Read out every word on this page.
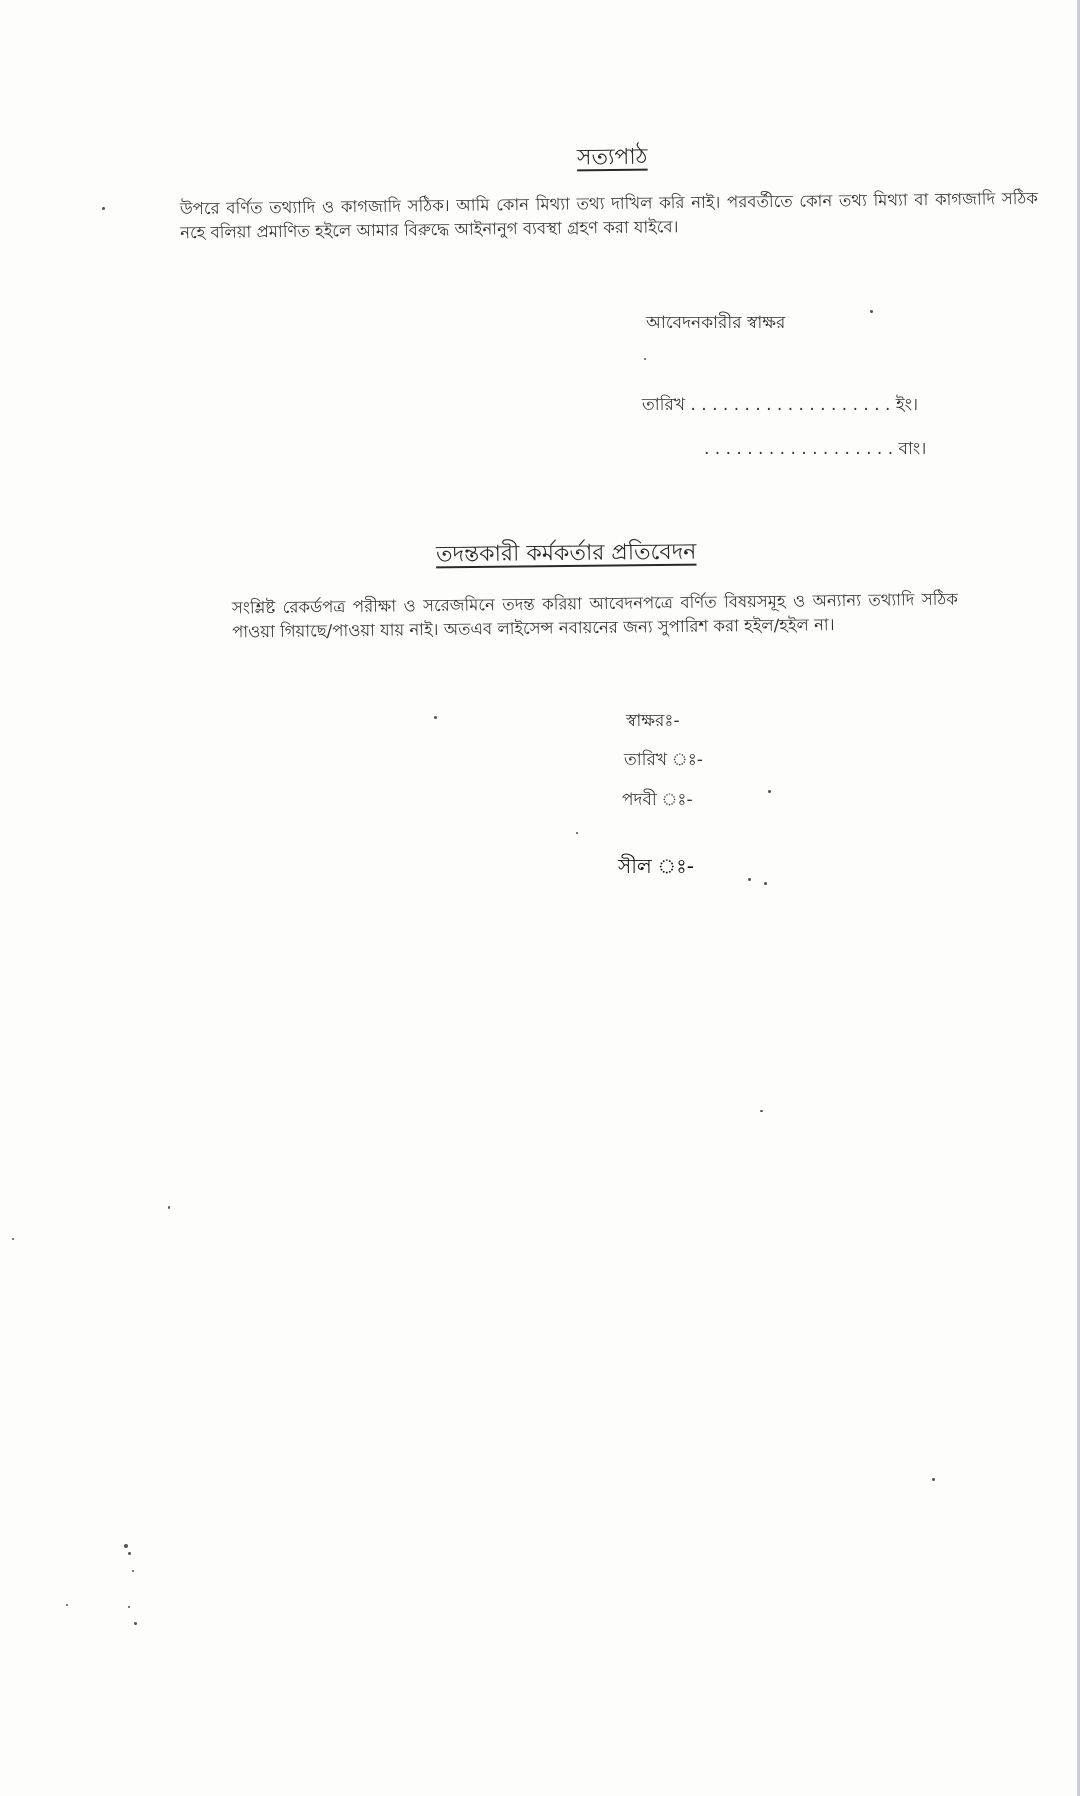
সত্যপাঠ
উপরে বর্ণিত তথ্যাদি ও কাগজাদি সঠিক। আমি কোন মিথ্যা তথ্য দাখিল করি নাই। পরবর্তীতে কোন তথ্য মিথ্যা বা কাগজাদি সঠিক নহে বলিয়া প্রমাণিত হইলে আমার বিরুদ্ধে আইনানুগ ব্যবস্থা গ্রহণ করা যাইবে।
আবেদনকারীর স্বাক্ষর
তারিখ . . . . . . . . . . . . . . . . . . . ইং।
. . . . . . . . . . . . . . . . . . বাং।
তদন্তকারী কর্মকর্তার প্রতিবেদন
সংশ্লিষ্ট রেকর্ডপত্র পরীক্ষা ও সরেজমিনে তদন্ত করিয়া আবেদনপত্রে বর্ণিত বিষয়সমূহ ও অন্যান্য তথ্যাদি সঠিক পাওয়া গিয়াছে/পাওয়া যায় নাই। অতএব লাইসেন্স নবায়নের জন্য সুপারিশ করা হইল/হইল না।
স্বাক্ষরঃ-
তারিখ ঃ-
পদবী ঃ-
সীল ঃ-
